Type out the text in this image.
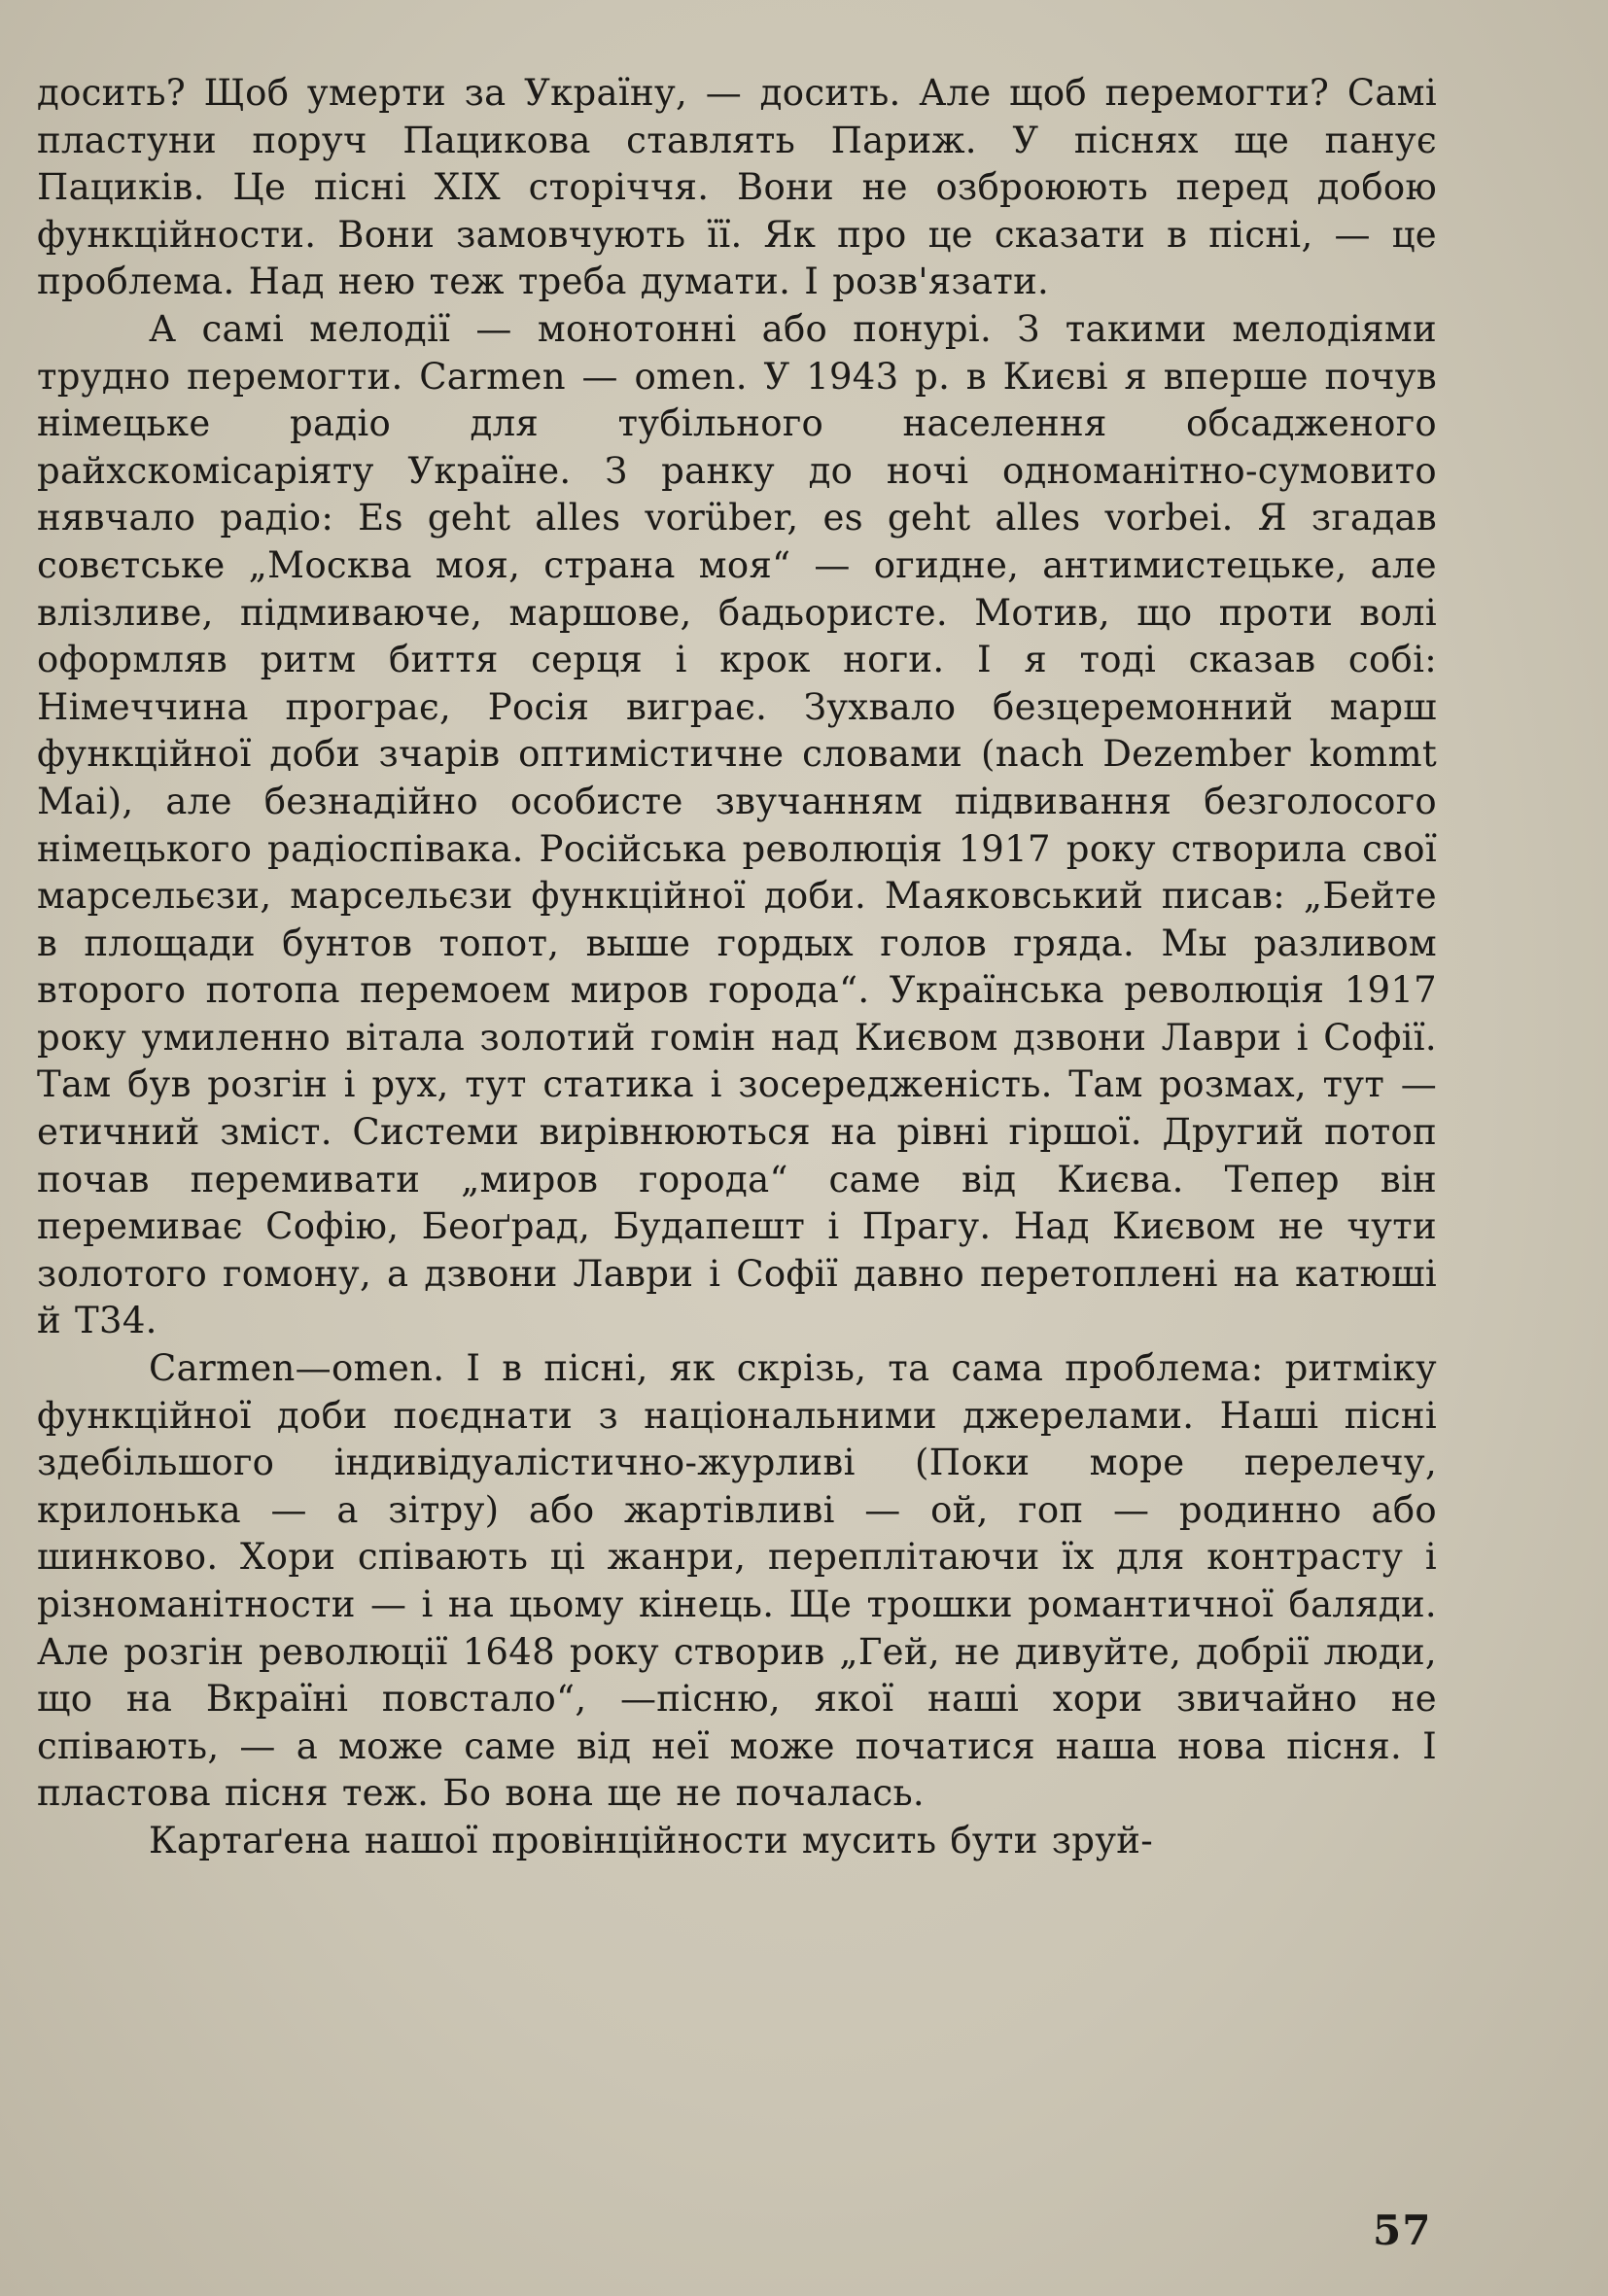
досить? Щоб умерти за Україну, — досить. Але щоб перемогти? Самі пластуни поруч Пацикова ставлять Париж. У піснях ще панує Пациків. Це пісні XIX сторіччя. Вони не озброюють перед добою функційности. Вони замовчують її. Як про це сказати в пісні, — це проблема. Над нею теж треба думати. І розв'язати.

А самі мелодії — монотонні або понурі. З такими мелодіями трудно перемогти. Carmen — omen. У 1943 р. в Києві я вперше почув німецьке радіо для тубільного населення обсадженого райхскомісаріяту Україне. З ранку до ночі одноманітно-сумовито нявчало радіо: Es geht alles vorüber, es geht alles vorbei. Я згадав совєтське „Москва моя, страна моя“ — огидне, антимистецьке, але влізливе, підмиваюче, маршове, бадьористе. Мотив, що проти волі оформляв ритм биття серця і крок ноги. І я тоді сказав собі: Німеччина програє, Росія виграє. Зухвало безцеремонний марш функційної доби зчарів оптимістичне словами (nach Dezember kommt Mai), але безнадійно особисте звучанням підвивання безголосого німецького радіоспівака. Російська революція 1917 року створила свої марсельєзи, марсельєзи функційної доби. Маяковський писав: „Бейте в площади бунтов топот, выше гордых голов гряда. Мы разливом второго потопа перемоем миров города“. Українська революція 1917 року умиленно вітала золотий гомін над Києвом дзвони Лаври і Софії. Там був розгін і рух, тут статика і зосередженість. Там розмах, тут — етичний зміст. Системи вирівнюються на рівні гіршої. Другий потоп почав перемивати „миров города“ саме від Києва. Тепер він перемиває Софію, Беоґрад, Будапешт і Прагу. Над Києвом не чути золотого гомону, а дзвони Лаври і Софії давно перетоплені на катюші й Т34.

Carmen—omen. І в пісні, як скрізь, та сама проблема: ритміку функційної доби поєднати з національними джерелами. Наші пісні здебільшого індивідуалістично-журливі (Поки море перелечу, крилонька — а зітру) або жартівливі — ой, гоп — родинно або шинково. Хори співають ці жанри, переплітаючи їх для контрасту і різноманітности — і на цьому кінець. Ще трошки романтичної баляди. Але розгін революції 1648 року створив „Гей, не дивуйте, добрії люди, що на Вкраїні повстало“, —пісню, якої наші хори звичайно не співають, — а може саме від неї може початися наша нова пісня. І пластова пісня теж. Бо вона ще не почалась.

Картаґена нашої провінційности мусить бути зруй-

57
